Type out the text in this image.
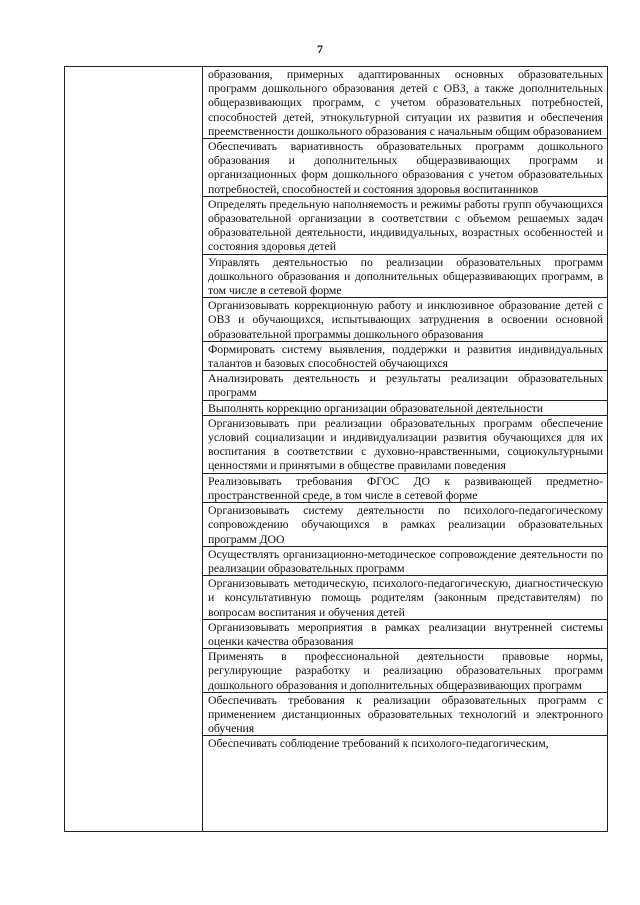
7

образования, примерных адаптированных основных образовательных программ дошкольного образования детей с ОВЗ, а также дополнительных общеразвивающих программ, с учетом образовательных потребностей, способностей детей, этнокультурной ситуации их развития и обеспечения преемственности дошкольного образования с начальным общим образованием
Обеспечивать вариативность образовательных программ дошкольного образования и дополнительных общеразвивающих программ и организационных форм дошкольного образования с учетом образовательных потребностей, способностей и состояния здоровья воспитанников
Определять предельную наполняемость и режимы работы групп обучающихся образовательной организации в соответствии с объемом решаемых задач образовательной деятельности, индивидуальных, возрастных особенностей и состояния здоровья детей
Управлять деятельностью по реализации образовательных программ дошкольного образования и дополнительных общеразвивающих программ, в том числе в сетевой форме
Организовывать коррекционную работу и инклюзивное образование детей с ОВЗ и обучающихся, испытывающих затруднения в освоении основной образовательной программы дошкольного образования
Формировать систему выявления, поддержки и развития индивидуальных талантов и базовых способностей обучающихся
Анализировать деятельность и результаты реализации образовательных программ
Выполнять коррекцию организации образовательной деятельности
Организовывать при реализации образовательных программ обеспечение условий социализации и индивидуализации развития обучающихся для их воспитания в соответствии с духовно-нравственными, социокультурными ценностями и принятыми в обществе правилами поведения
Реализовывать требования ФГОС ДО к развивающей предметно-пространственной среде, в том числе в сетевой форме
Организовывать систему деятельности по психолого-педагогическому сопровождению обучающихся в рамках реализации образовательных программ ДОО
Осуществлять организационно-методическое сопровождение деятельности по реализации образовательных программ
Организовывать методическую, психолого-педагогическую, диагностическую и консультативную помощь родителям (законным представителям) по вопросам воспитания и обучения детей
Организовывать мероприятия в рамках реализации внутренней системы оценки качества образования
Применять в профессиональной деятельности правовые нормы, регулирующие разработку и реализацию образовательных программ дошкольного образования и дополнительных общеразвивающих программ
Обеспечивать требования к реализации образовательных программ с применением дистанционных образовательных технологий и электронного обучения
Обеспечивать соблюдение требований к психолого-педагогическим,
